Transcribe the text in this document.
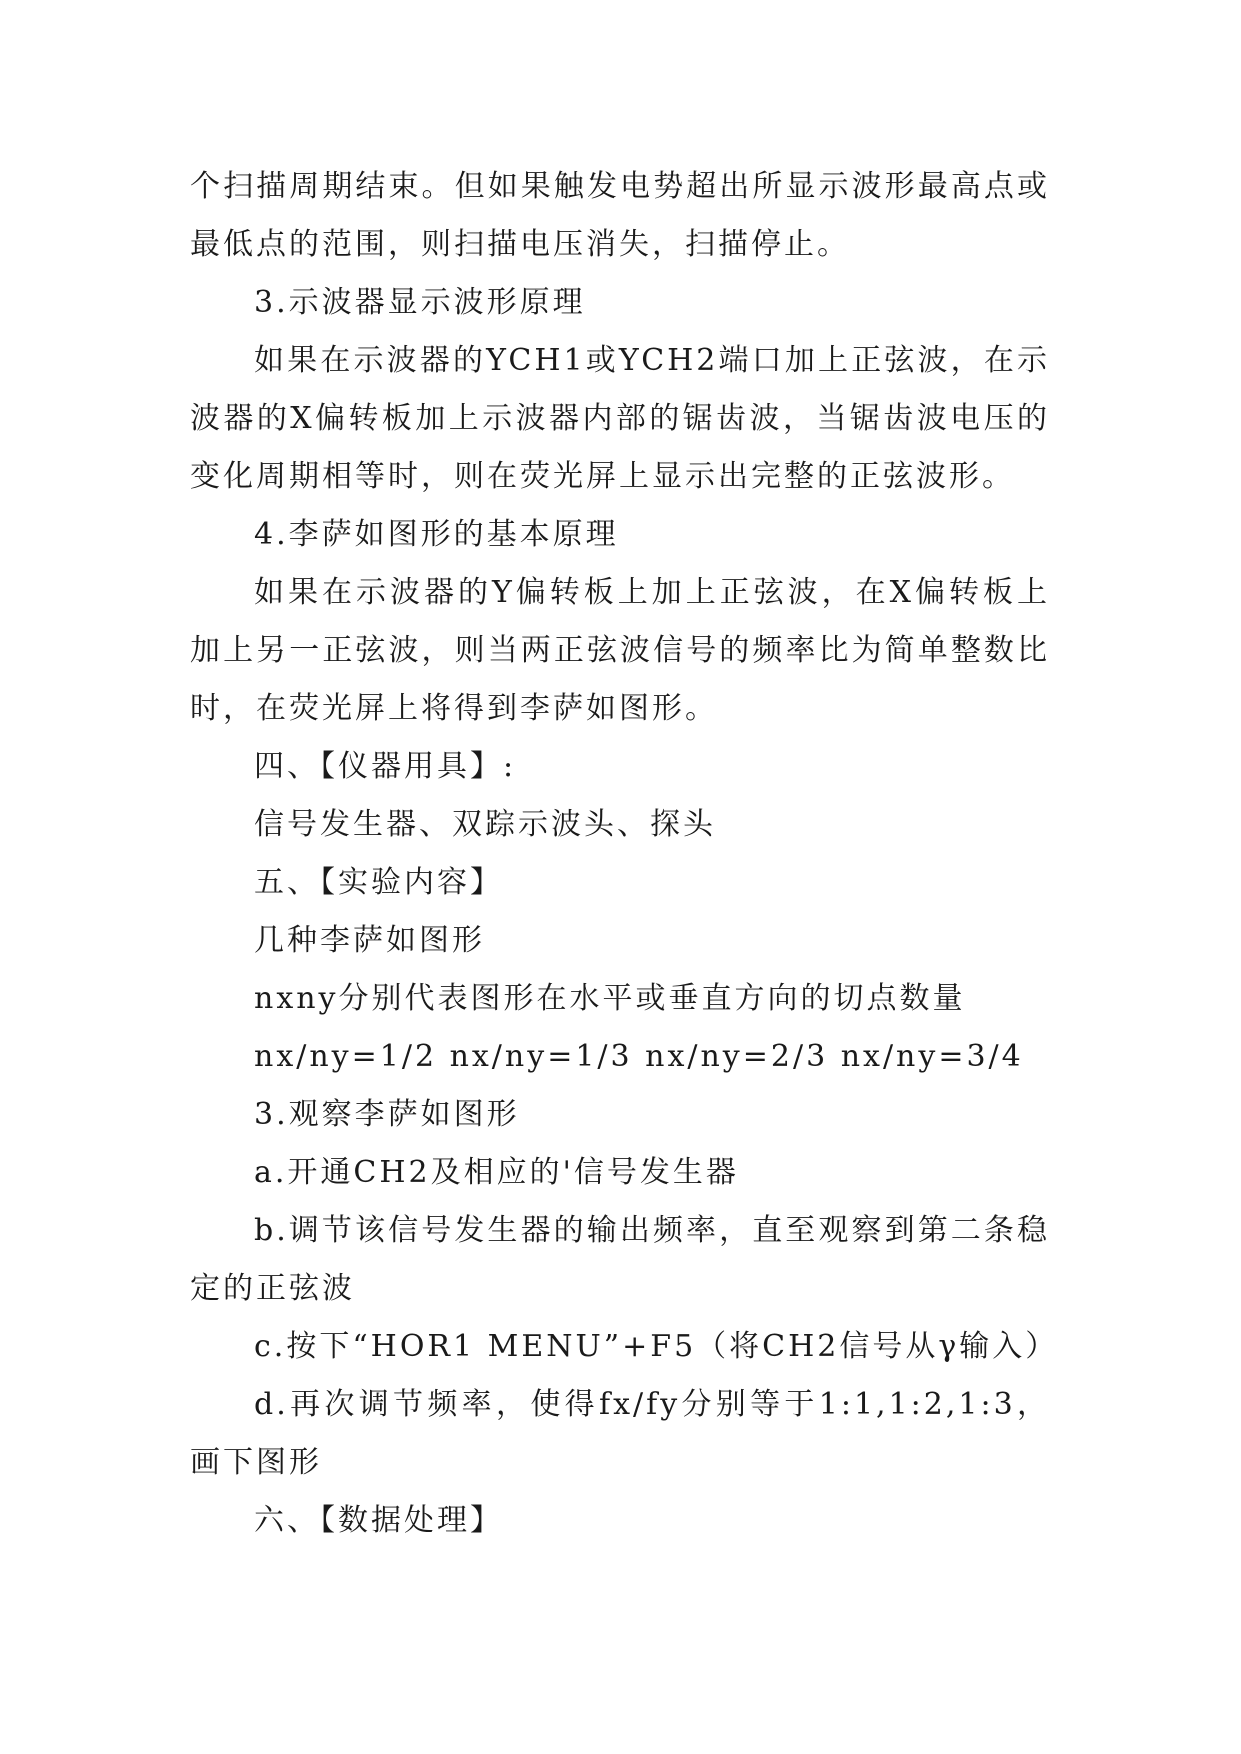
个扫描周期结束。但如果触发电势超出所显示波形最高点或最低点的范围，则扫描电压消失，扫描停止。

3.示波器显示波形原理

如果在示波器的YCH1或YCH2端口加上正弦波，在示波器的X偏转板加上示波器内部的锯齿波，当锯齿波电压的变化周期相等时，则在荧光屏上显示出完整的正弦波形。

4.李萨如图形的基本原理

如果在示波器的Y偏转板上加上正弦波，在X偏转板上加上另一正弦波，则当两正弦波信号的频率比为简单整数比时，在荧光屏上将得到李萨如图形。

四、【仪器用具】:

信号发生器、双踪示波头、探头

五、【实验内容】

几种李萨如图形

nxny分别代表图形在水平或垂直方向的切点数量

nx/ny=1/2 nx/ny=1/3 nx/ny=2/3 nx/ny=3/4

3.观察李萨如图形

a.开通CH2及相应的'信号发生器

b.调节该信号发生器的输出频率，直至观察到第二条稳定的正弦波

c.按下“HOR1 MENU”+F5（将CH2信号从γ输入）

d.再次调节频率，使得fx/fy分别等于1:1,1:2,1:3，画下图形

六、【数据处理】
